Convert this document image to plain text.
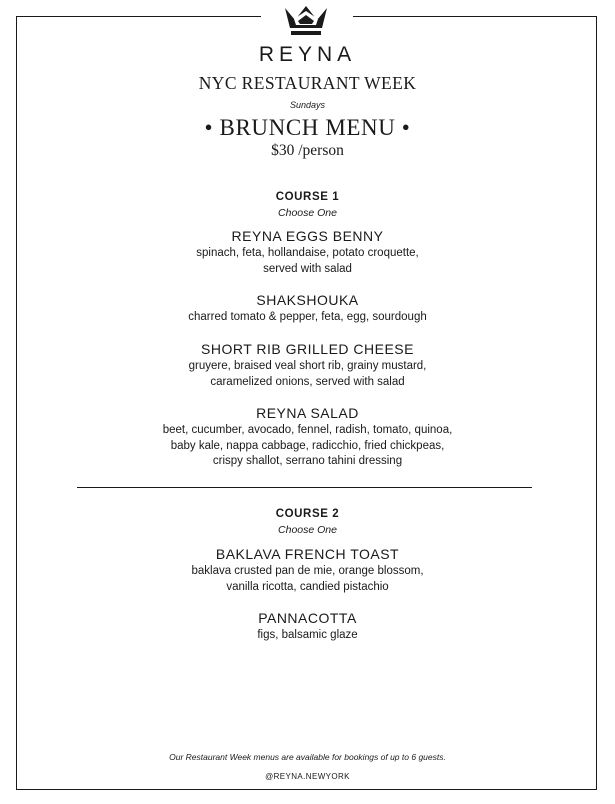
REYNA
NYC RESTAURANT WEEK
Sundays
• BRUNCH MENU •
$30 /person
COURSE 1
Choose One
REYNA EGGS BENNY
spinach, feta, hollandaise, potato croquette,
served with salad
SHAKSHOUKA
charred tomato & pepper, feta, egg, sourdough
SHORT RIB GRILLED CHEESE
gruyere, braised veal short rib, grainy mustard,
caramelized onions, served with salad
REYNA SALAD
beet, cucumber, avocado, fennel, radish, tomato, quinoa,
baby kale, nappa cabbage, radicchio, fried chickpeas,
crispy shallot, serrano tahini dressing
COURSE 2
Choose One
BAKLAVA FRENCH TOAST
baklava crusted pan de mie, orange blossom,
vanilla ricotta, candied pistachio
PANNACOTTA
figs, balsamic glaze
Our Restaurant Week menus are available for bookings of up to 6 guests.
@REYNA.NEWYORK
